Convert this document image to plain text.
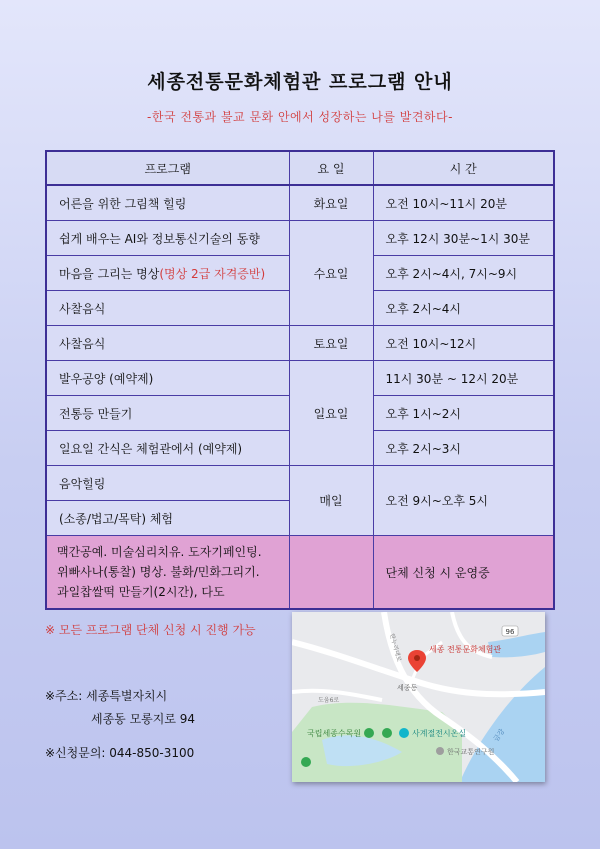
세종전통문화체험관 프로그램 안내
-한국 전통과 불교 문화 안에서 성장하는 나를 발견하다-
프로그램	요 일	시 간
어른을 위한 그림책 힐링	화요일	오전 10시~11시 20분
쉽게 배우는 AI와 정보통신기술의 동향	수요일	오후 12시 30분~1시 30분
마음을 그리는 명상(명상 2급 자격증반)		오후 2시~4시, 7시~9시
사찰음식		오후 2시~4시
사찰음식	토요일	오전 10시~12시
발우공양 (예약제)	일요일	11시 30분 ~ 12시 20분
전통등 만들기		오후 1시~2시
일요일 간식은 체험관에서 (예약제)		오후 2시~3시
음악힐링	매일	오전 9시~오후 5시
(소종/법고/목탁) 체험		

맥간공예. 미술심리치유. 도자기페인팅.
위빠사나(통찰) 명상. 불화/민화그리기.
과일찹쌀떡 만들기(2시간), 다도		단체 신청 시 운영중
※ 모든 프로그램 단체 신청 시 진행 가능
※주소: 세종특별자치시
세종동 모롱지로 94
※신청문의: 044-850-3100
96
세종 전통문화체험관
세종동
도움6로
한누리대로
금강
국립세종수목원	사계절전시온실
한국교통연구원
